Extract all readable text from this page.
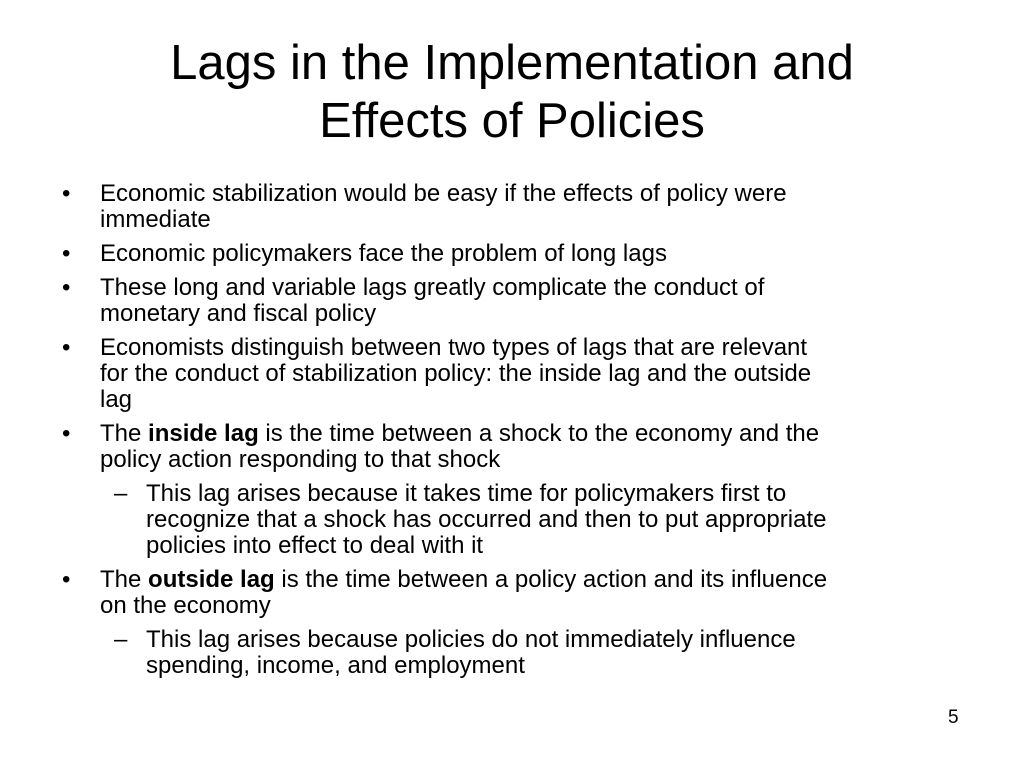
Lags in the Implementation and
Effects of Policies
• Economic stabilization would be easy if the effects of policy were
immediate
• Economic policymakers face the problem of long lags
• These long and variable lags greatly complicate the conduct of
monetary and fiscal policy
• Economists distinguish between two types of lags that are relevant
for the conduct of stabilization policy: the inside lag and the outside
lag
• The inside lag is the time between a shock to the economy and the
policy action responding to that shock
– This lag arises because it takes time for policymakers first to
recognize that a shock has occurred and then to put appropriate
policies into effect to deal with it
• The outside lag is the time between a policy action and its influence
on the economy
– This lag arises because policies do not immediately influence
spending, income, and employment
5
